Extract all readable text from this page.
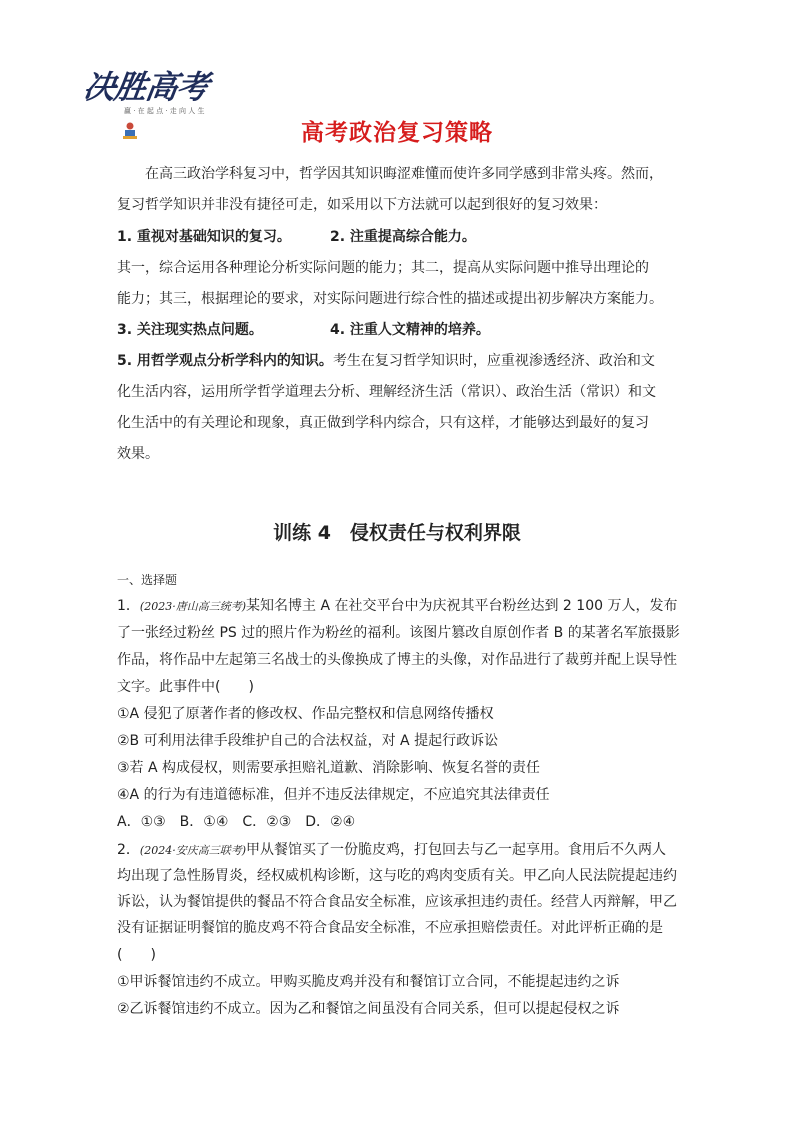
决胜高考
赢 · 在 起 点 · 走 向 人 生
高考政治复习策略

在高三政治学科复习中，哲学因其知识晦涩难懂而使许多同学感到非常头疼。然而，

复习哲学知识并非没有捷径可走，如采用以下方法就可以起到很好的复习效果：

1. 重视对基础知识的复习。	2. 注重提高综合能力。

其一，综合运用各种理论分析实际问题的能力；其二，提高从实际问题中推导出理论的

能力；其三，根据理论的要求，对实际问题进行综合性的描述或提出初步解决方案能力。

3. 关注现实热点问题。	4. 注重人文精神的培养。

5. 用哲学观点分析学科内的知识。考生在复习哲学知识时，应重视渗透经济、政治和文

化生活内容，运用所学哲学道理去分析、理解经济生活（常识）、政治生活（常识）和文

化生活中的有关理论和现象，真正做到学科内综合，只有这样，才能够达到最好的复习

效果。

训练 4　侵权责任与权利界限

一、选择题

1．(2023·唐山高三统考)某知名博主 A 在社交平台中为庆祝其平台粉丝达到 2 100 万人，发布

了一张经过粉丝 PS 过的照片作为粉丝的福利。该图片篡改自原创作者 B 的某著名军旅摄影

作品，将作品中左起第三名战士的头像换成了博主的头像，对作品进行了裁剪并配上误导性

文字。此事件中(　　)

①A 侵犯了原著作者的修改权、作品完整权和信息网络传播权

②B 可利用法律手段维护自己的合法权益，对 A 提起行政诉讼

③若 A 构成侵权，则需要承担赔礼道歉、消除影响、恢复名誉的责任

④A 的行为有违道德标准，但并不违反法律规定，不应追究其法律责任

A．①③　B．①④　C．②③　D．②④

2．(2024·安庆高三联考)甲从餐馆买了一份脆皮鸡，打包回去与乙一起享用。食用后不久两人

均出现了急性肠胃炎，经权威机构诊断，这与吃的鸡肉变质有关。甲乙向人民法院提起违约

诉讼，认为餐馆提供的餐品不符合食品安全标准，应该承担违约责任。经营人丙辩解，甲乙

没有证据证明餐馆的脆皮鸡不符合食品安全标准，不应承担赔偿责任。对此评析正确的是

(　　)

①甲诉餐馆违约不成立。甲购买脆皮鸡并没有和餐馆订立合同，不能提起违约之诉

②乙诉餐馆违约不成立。因为乙和餐馆之间虽没有合同关系，但可以提起侵权之诉
